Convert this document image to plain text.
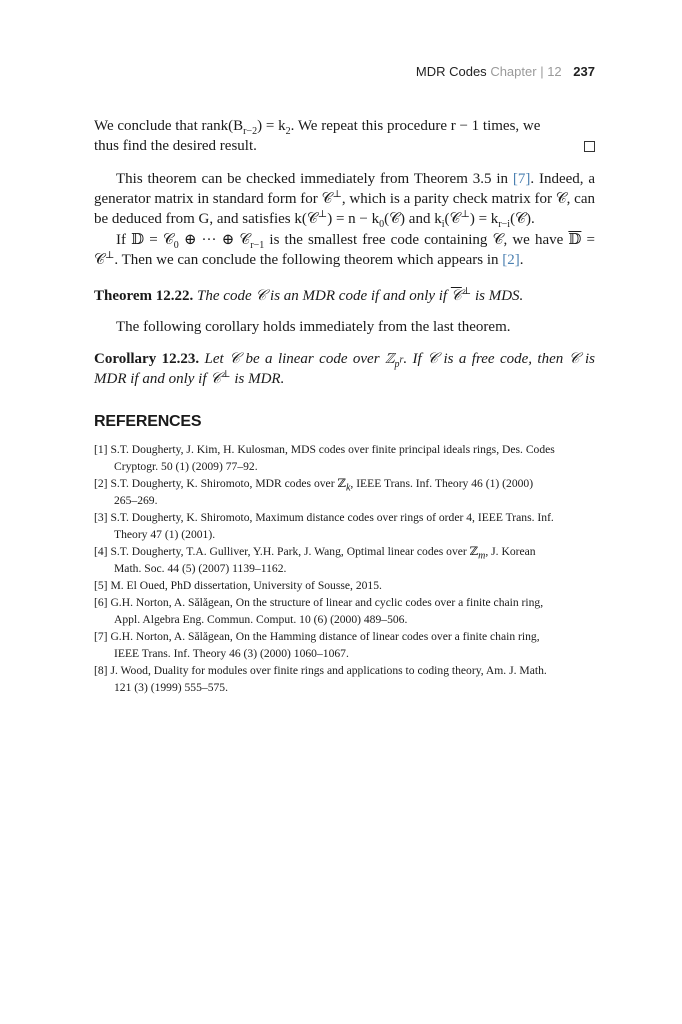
MDR Codes Chapter | 12 237
We conclude that $rank(B_{r-2}) = k_2$. We repeat this procedure r − 1 times, we
thus find the desired result.
This theorem can be checked immediately from Theorem 3.5 in [7]. Indeed, a generator matrix in standard form for 𝒞⊥, which is a parity check matrix for 𝒞, can be deduced from G, and satisfies k(𝒞⊥) = $n - k_0(𝒞)$ and $k_i(𝒞^\perp)$ = $k_{r-i}(𝒞)$.
If 𝔻 = 𝒞$_0$ ⊕ ··· ⊕ 𝒞$_{r-1}$ is the smallest free code containing 𝒞, we have 𝔻 = 𝒞⊥. Then we can conclude the following theorem which appears in [2].
Theorem 12.22. The code 𝒞 is an MDR code if and only if 𝒞⊥ is MDS.
The following corollary holds immediately from the last theorem.
Corollary 12.23. Let 𝒞 be a linear code over ℤ$_{p^r}$. If 𝒞 is a free code, then 𝒞 is MDR if and only if 𝒞⊥ is MDR.
REFERENCES
[1] S.T. Dougherty, J. Kim, H. Kulosman, MDS codes over finite principal ideals rings, Des. Codes
Cryptogr. 50 (1) (2009) 77–92.
[2] S.T. Dougherty, K. Shiromoto, MDR codes over ℤ$_k$, IEEE Trans. Inf. Theory 46 (1) (2000)
265–269.
[3] S.T. Dougherty, K. Shiromoto, Maximum distance codes over rings of order 4, IEEE Trans. Inf.
Theory 47 (1) (2001).
[4] S.T. Dougherty, T.A. Gulliver, Y.H. Park, J. Wang, Optimal linear codes over ℤ$_m$, J. Korean
Math. Soc. 44 (5) (2007) 1139–1162.
[5] M. El Oued, PhD dissertation, University of Sousse, 2015.
[6] G.H. Norton, A. Sălăgean, On the structure of linear and cyclic codes over a finite chain ring,
Appl. Algebra Eng. Commun. Comput. 10 (6) (2000) 489–506.
[7] G.H. Norton, A. Sălăgean, On the Hamming distance of linear codes over a finite chain ring,
IEEE Trans. Inf. Theory 46 (3) (2000) 1060–1067.
[8] J. Wood, Duality for modules over finite rings and applications to coding theory, Am. J. Math.
121 (3) (1999) 555–575.
